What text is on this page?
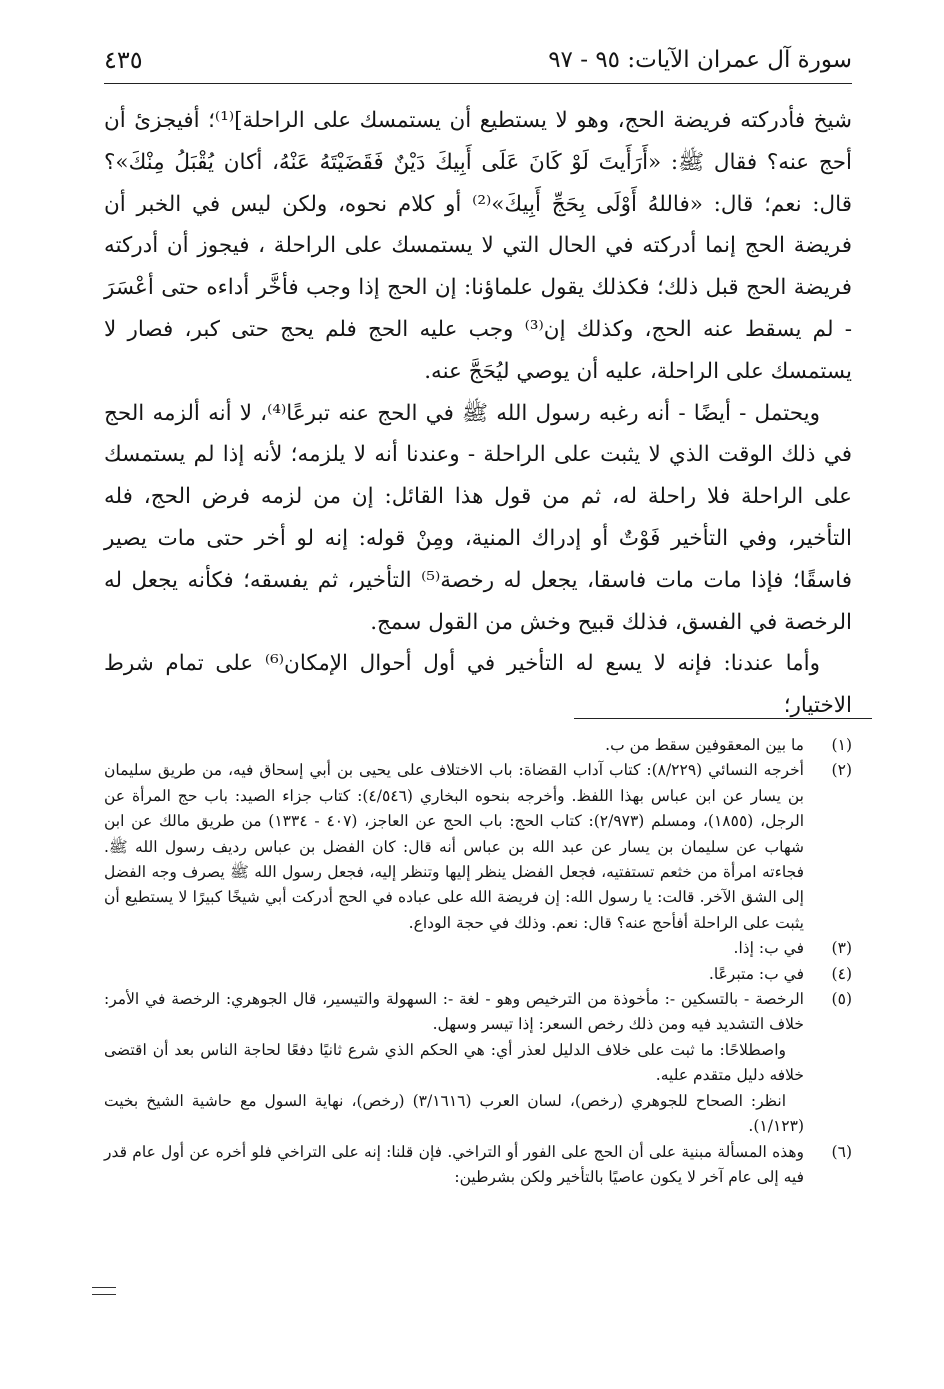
سورة آل عمران الآيات: ٩٥ - ٩٧
٤٣٥

شيخ فأدركته فريضة الحج، وهو لا يستطيع أن يستمسك على الراحلة]⁽¹⁾؛ أفيجزئ أن أحج عنه؟ فقال ﷺ: «أَرَأَيتَ لَوْ كَانَ عَلَى أَبِيكَ دَيْنٌ فَقَضَيْتَهُ عَنْهُ، أكان يُقْبَلُ مِنْكَ»؟ قال: نعم؛ قال: «فاللهُ أَوْلَى بِحَجِّ أَبِيكَ»⁽²⁾ أو كلام نحوه، ولكن ليس في الخبر أن فريضة الحج إنما أدركته في الحال التي لا يستمسك على الراحلة ، فيجوز أن أدركته فريضة الحج قبل ذلك؛ فكذلك يقول علماؤنا: إن الحج إذا وجب فأخَّر أداءه حتى أعْسَرَ - لم يسقط عنه الحج، وكذلك إن⁽³⁾ وجب عليه الحج فلم يحج حتى كبر، فصار لا يستمسك على الراحلة، عليه أن يوصي ليُحَجَّ عنه.

ويحتمل - أيضًا - أنه رغبه رسول الله ﷺ في الحج عنه تبرعًا⁽⁴⁾، لا أنه ألزمه الحج في ذلك الوقت الذي لا يثبت على الراحلة - وعندنا أنه لا يلزمه؛ لأنه إذا لم يستمسك على الراحلة فلا راحلة له، ثم من قول هذا القائل: إن من لزمه فرض الحج، فله التأخير، وفي التأخير فَوْتٌ أو إدراك المنية، ومِنْ قوله: إنه لو أخر حتى مات يصير فاسقًا؛ فإذا مات مات فاسقا، يجعل له رخصة⁽⁵⁾ التأخير، ثم يفسقه؛ فكأنه يجعل له الرخصة في الفسق، فذلك قبيح وخش من القول سمج.

وأما عندنا: فإنه لا يسع له التأخير في أول أحوال الإمكان⁽⁶⁾ على تمام شرط الاختيار؛

(١)

ما بين المعقوفين سقط من ب.

(٢)

أخرجه النسائي (٨/٢٢٩): كتاب آداب القضاة: باب الاختلاف على يحيى بن أبي إسحاق فيه، من طريق سليمان بن يسار عن ابن عباس بهذا اللفظ. وأخرجه بنحوه البخاري (٤/٥٤٦): كتاب جزاء الصيد: باب حج المرأة عن الرجل، (١٨٥٥)، ومسلم (٢/٩٧٣): كتاب الحج: باب الحج عن العاجز، (٤٠٧ - ١٣٣٤) من طريق مالك عن ابن شهاب عن سليمان بن يسار عن عبد الله بن عباس أنه قال: كان الفضل بن عباس رديف رسول الله ﷺ. فجاءته امرأة من خثعم تستفتيه، فجعل الفضل ينظر إليها وتنظر إليه، فجعل رسول الله ﷺ يصرف وجه الفضل إلى الشق الآخر. قالت: يا رسول الله: إن فريضة الله على عباده في الحج أدركت أبي شيخًا كبيرًا لا يستطيع أن يثبت على الراحلة أفأحج عنه؟ قال: نعم. وذلك في حجة الوداع.

(٣)

في ب: إذا.

(٤)

في ب: متبرعًا.

(٥)

الرخصة - بالتسكين -: مأخوذة من الترخيص وهو - لغة -: السهولة والتيسير، قال الجوهري: الرخصة في الأمر: خلاف التشديد فيه ومن ذلك رخص السعر: إذا تيسر وسهل.

واصطلاحًا: ما ثبت على خلاف الدليل لعذر أي: هي الحكم الذي شرع ثانيًا دفعًا لحاجة الناس بعد أن اقتضى خلافه دليل متقدم عليه.

انظر: الصحاح للجوهري (رخص)، لسان العرب (٣/١٦١٦) (رخص)، نهاية السول مع حاشية الشيخ بخيت (١/١٢٣).

(٦)

وهذه المسألة مبنية على أن الحج على الفور أو التراخي. فإن قلنا: إنه على التراخي فلو أخره عن أول عام قدر فيه إلى عام آخر لا يكون عاصيًا بالتأخير ولكن بشرطين:
